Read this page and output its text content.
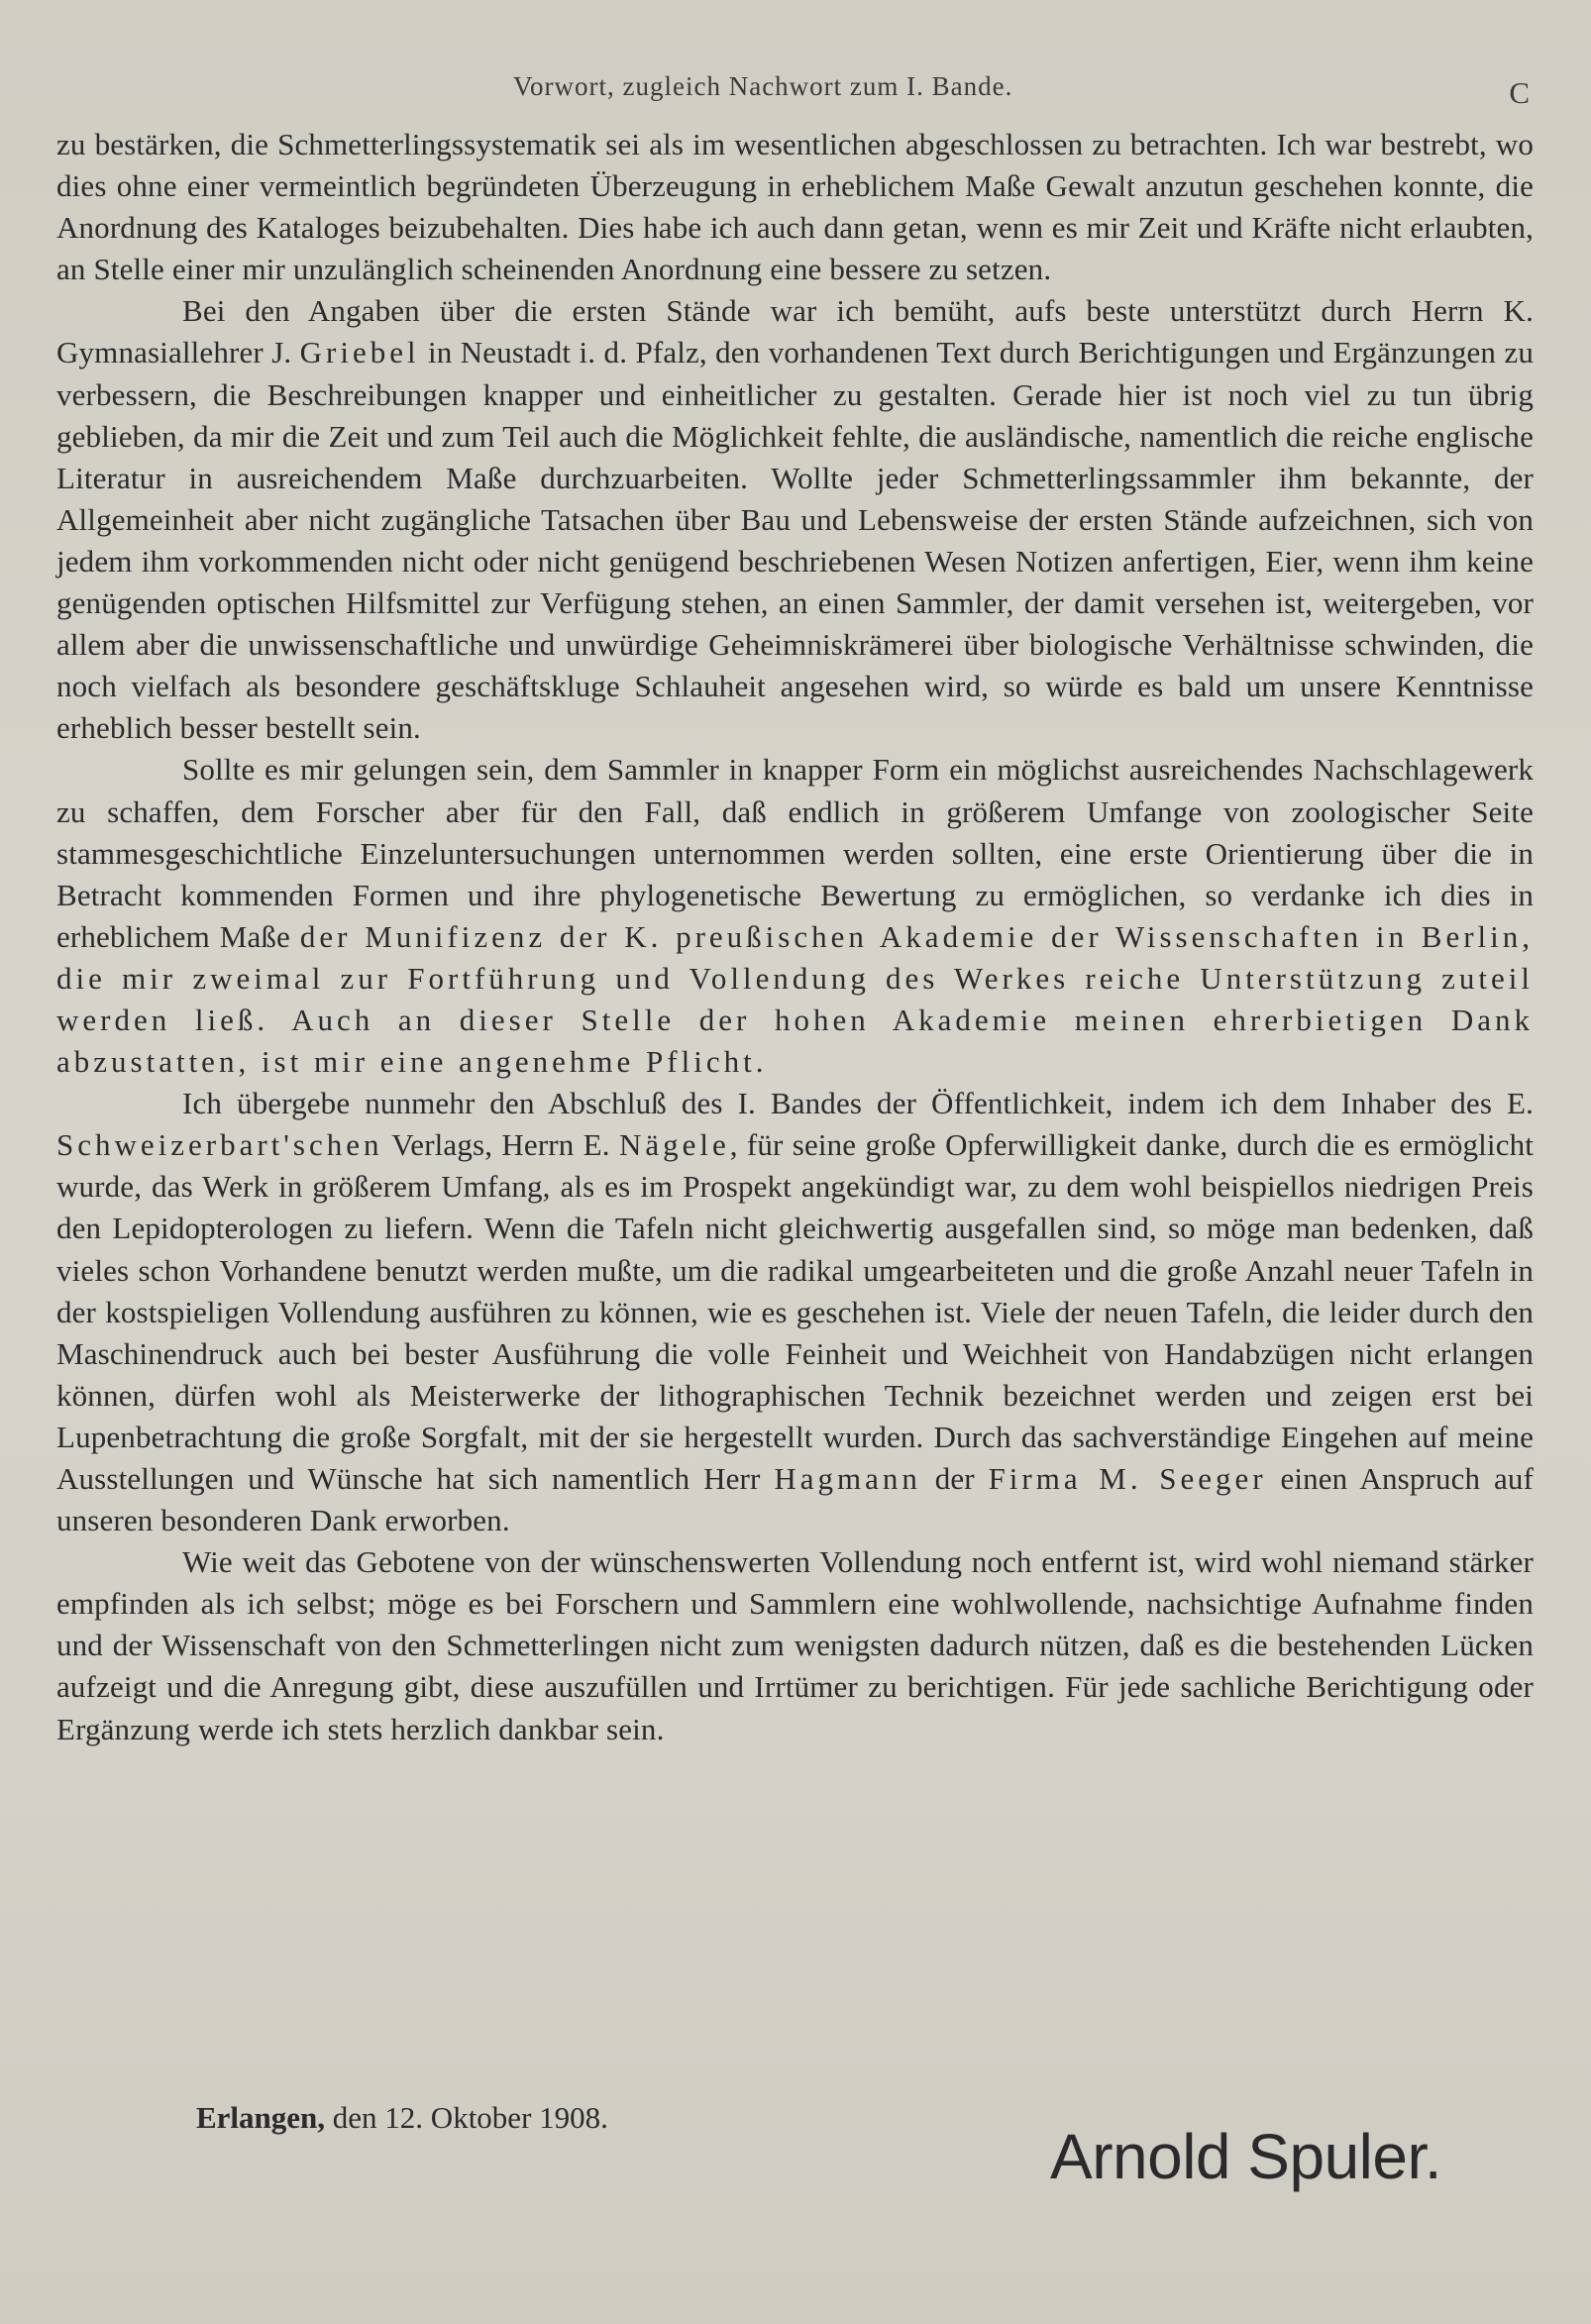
Vorwort, zugleich Nachwort zum I. Bande.	C

zu bestärken, die Schmetterlingssystematik sei als im wesentlichen abgeschlossen zu betrachten. Ich war bestrebt, wo dies ohne einer vermeintlich begründeten Überzeugung in erheblichem Maße Gewalt anzutun geschehen konnte, die Anordnung des Kataloges beizubehalten. Dies habe ich auch dann getan, wenn es mir Zeit und Kräfte nicht erlaubten, an Stelle einer mir unzulänglich scheinenden Anordnung eine bessere zu setzen.

Bei den Angaben über die ersten Stände war ich bemüht, aufs beste unterstützt durch Herrn K. Gymnasiallehrer J. Griebel in Neustadt i. d. Pfalz, den vorhandenen Text durch Berichtigungen und Ergänzungen zu verbessern, die Beschreibungen knapper und einheitlicher zu gestalten. Gerade hier ist noch viel zu tun übrig geblieben, da mir die Zeit und zum Teil auch die Möglichkeit fehlte, die ausländische, namentlich die reiche englische Literatur in ausreichendem Maße durchzuarbeiten. Wollte jeder Schmetterlingssammler ihm bekannte, der Allgemeinheit aber nicht zugängliche Tatsachen über Bau und Lebensweise der ersten Stände aufzeichnen, sich von jedem ihm vorkommenden nicht oder nicht genügend beschriebenen Wesen Notizen anfertigen, Eier, wenn ihm keine genügenden optischen Hilfsmittel zur Verfügung stehen, an einen Sammler, der damit versehen ist, weitergeben, vor allem aber die unwissenschaftliche und unwürdige Geheimniskrämerei über biologische Verhältnisse schwinden, die noch vielfach als besondere geschäftskluge Schlauheit angesehen wird, so würde es bald um unsere Kenntnisse erheblich besser bestellt sein.

Sollte es mir gelungen sein, dem Sammler in knapper Form ein möglichst ausreichendes Nachschlagewerk zu schaffen, dem Forscher aber für den Fall, daß endlich in größerem Umfange von zoologischer Seite stammesgeschichtliche Einzeluntersuchungen unternommen werden sollten, eine erste Orientierung über die in Betracht kommenden Formen und ihre phylogenetische Bewertung zu ermöglichen, so verdanke ich dies in erheblichem Maße der Munifizenz der K. preußischen Akademie der Wissenschaften in Berlin, die mir zweimal zur Fortführung und Vollendung des Werkes reiche Unterstützung zuteil werden ließ. Auch an dieser Stelle der hohen Akademie meinen ehrerbietigen Dank abzustatten, ist mir eine angenehme Pflicht.

Ich übergebe nunmehr den Abschluß des I. Bandes der Öffentlichkeit, indem ich dem Inhaber des E. Schweizerbart'schen Verlags, Herrn E. Nägele, für seine große Opferwilligkeit danke, durch die es ermöglicht wurde, das Werk in größerem Umfang, als es im Prospekt angekündigt war, zu dem wohl beispiellos niedrigen Preis den Lepidopterologen zu liefern. Wenn die Tafeln nicht gleichwertig ausgefallen sind, so möge man bedenken, daß vieles schon Vorhandene benutzt werden mußte, um die radikal umgearbeiteten und die große Anzahl neuer Tafeln in der kostspieligen Vollendung ausführen zu können, wie es geschehen ist. Viele der neuen Tafeln, die leider durch den Maschinendruck auch bei bester Ausführung die volle Feinheit und Weichheit von Handabzügen nicht erlangen können, dürfen wohl als Meisterwerke der lithographischen Technik bezeichnet werden und zeigen erst bei Lupenbetrachtung die große Sorgfalt, mit der sie hergestellt wurden. Durch das sachverständige Eingehen auf meine Ausstellungen und Wünsche hat sich namentlich Herr Hagmann der Firma M. Seeger einen Anspruch auf unseren besonderen Dank erworben.

Wie weit das Gebotene von der wünschenswerten Vollendung noch entfernt ist, wird wohl niemand stärker empfinden als ich selbst; möge es bei Forschern und Sammlern eine wohlwollende, nachsichtige Aufnahme finden und der Wissenschaft von den Schmetterlingen nicht zum wenigsten dadurch nützen, daß es die bestehenden Lücken aufzeigt und die Anregung gibt, diese auszufüllen und Irrtümer zu berichtigen. Für jede sachliche Berichtigung oder Ergänzung werde ich stets herzlich dankbar sein.

Erlangen, den 12. Oktober 1908.
Arnold Spuler.
